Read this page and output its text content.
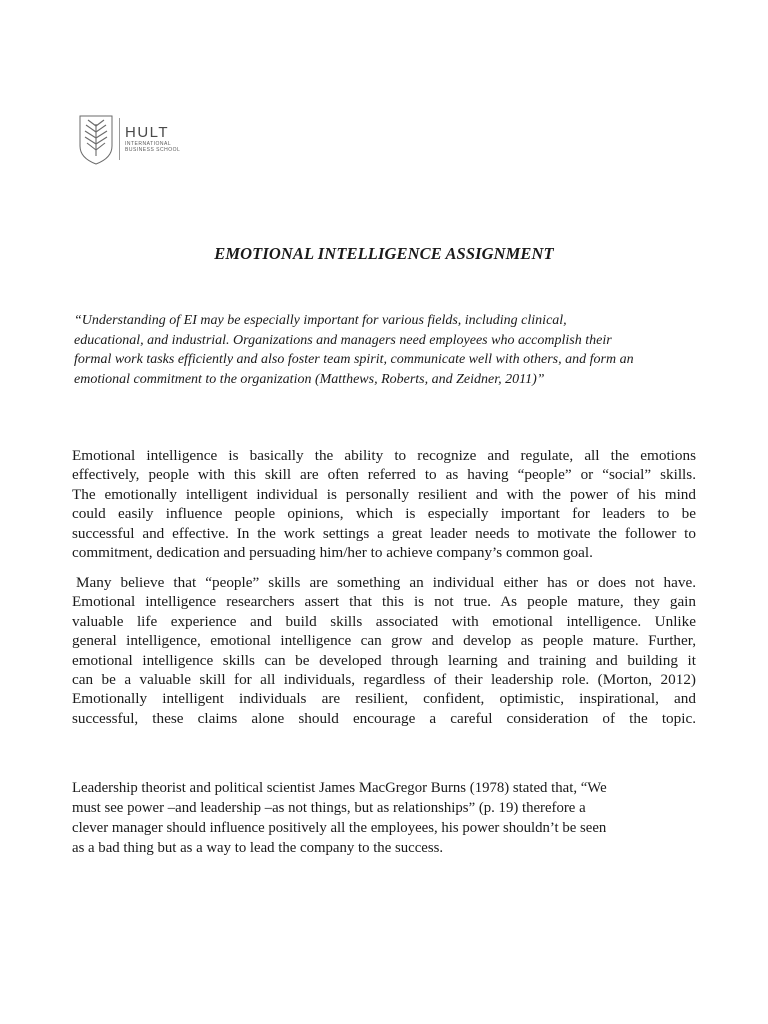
HULT
INTERNATIONAL
BUSINESS SCHOOL
EMOTIONAL INTELLIGENCE ASSIGNMENT
“Understanding of EI may be especially important for various fields, including clinical,
educational, and industrial. Organizations and managers need employees who accomplish their
formal work tasks efficiently and also foster team spirit, communicate well with others, and form an
emotional commitment to the organization (Matthews, Roberts, and Zeidner, 2011)”
Emotional intelligence is basically the ability to recognize and regulate, all the emotions
effectively, people with this skill are often referred to as having “people” or “social” skills.
The emotionally intelligent individual is personally resilient and with the power of his mind
could easily influence people opinions, which is especially important for leaders to be
successful and effective. In the work settings a great leader needs to motivate the follower to
commitment, dedication and persuading him/her to achieve company’s common goal.
Many believe that “people” skills are something an individual either has or does not have.
Emotional intelligence researchers assert that this is not true. As people mature, they gain
valuable life experience and build skills associated with emotional intelligence. Unlike
general intelligence, emotional intelligence can grow and develop as people mature. Further,
emotional intelligence skills can be developed through learning and training and building it
can be a valuable skill for all individuals, regardless of their leadership role. (Morton, 2012)
Emotionally intelligent individuals are resilient, confident, optimistic, inspirational, and
successful, these claims alone should encourage a careful consideration of the topic.
Leadership theorist and political scientist James MacGregor Burns (1978) stated that, “We
must see power –and leadership –as not things, but as relationships” (p. 19) therefore a
clever manager should influence positively all the employees, his power shouldn’t be seen
as a bad thing but as a way to lead the company to the success.
